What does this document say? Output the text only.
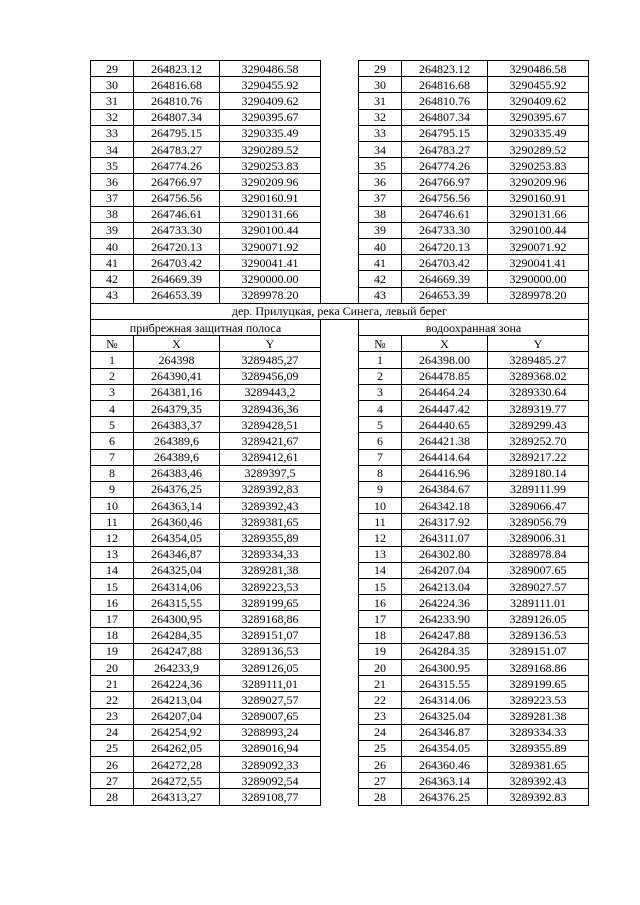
29	264823.12	3290486.58		29	264823.12	3290486.58
30	264816.68	3290455.92		30	264816.68	3290455.92
31	264810.76	3290409.62		31	264810.76	3290409.62
32	264807.34	3290395.67		32	264807.34	3290395.67
33	264795.15	3290335.49		33	264795.15	3290335.49
34	264783.27	3290289.52		34	264783.27	3290289.52
35	264774.26	3290253.83		35	264774.26	3290253.83
36	264766.97	3290209.96		36	264766.97	3290209.96
37	264756.56	3290160.91		37	264756.56	3290160.91
38	264746.61	3290131.66		38	264746.61	3290131.66
39	264733.30	3290100.44		39	264733.30	3290100.44
40	264720.13	3290071.92		40	264720.13	3290071.92
41	264703.42	3290041.41		41	264703.42	3290041.41
42	264669.39	3290000.00		42	264669.39	3290000.00
43	264653.39	3289978.20		43	264653.39	3289978.20
дер. Прилуцкая, река Синега, левый берег						
прибрежная защитная полоса				водоохранная зона		
№	X	Y		№	X	Y
1	264398	3289485,27		1	264398.00	3289485.27
2	264390,41	3289456,09		2	264478.85	3289368.02
3	264381,16	3289443,2		3	264464.24	3289330.64
4	264379,35	3289436,36		4	264447.42	3289319.77
5	264383,37	3289428,51		5	264440.65	3289299.43
6	264389,6	3289421,67		6	264421.38	3289252.70
7	264389,6	3289412,61		7	264414.64	3289217.22
8	264383,46	3289397,5		8	264416.96	3289180.14
9	264376,25	3289392,83		9	264384.67	3289111.99
10	264363,14	3289392,43		10	264342.18	3289066.47
11	264360,46	3289381,65		11	264317.92	3289056.79
12	264354,05	3289355,89		12	264311.07	3289006.31
13	264346,87	3289334,33		13	264302.80	3288978.84
14	264325,04	3289281,38		14	264207.04	3289007.65
15	264314,06	3289223,53		15	264213.04	3289027.57
16	264315,55	3289199,65		16	264224.36	3289111.01
17	264300,95	3289168,86		17	264233.90	3289126.05
18	264284,35	3289151,07		18	264247.88	3289136.53
19	264247,88	3289136,53		19	264284.35	3289151.07
20	264233,9	3289126,05		20	264300.95	3289168.86
21	264224,36	3289111,01		21	264315.55	3289199.65
22	264213,04	3289027,57		22	264314.06	3289223.53
23	264207,04	3289007,65		23	264325.04	3289281.38
24	264254,92	3288993,24		24	264346.87	3289334.33
25	264262,05	3289016,94		25	264354.05	3289355.89
26	264272,28	3289092,33		26	264360.46	3289381.65
27	264272,55	3289092,54		27	264363.14	3289392.43
28	264313,27	3289108,77		28	264376.25	3289392.83
